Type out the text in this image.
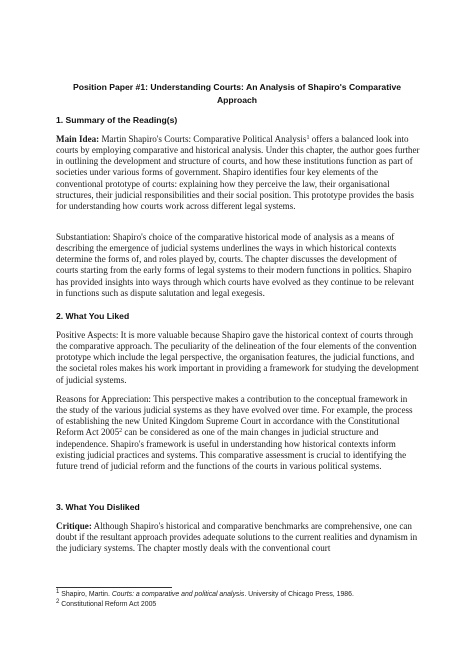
Position Paper #1: Understanding Courts: An Analysis of Shapiro's Comparative Approach
1. Summary of the Reading(s)

Main Idea: Martin Shapiro's Courts: Comparative Political Analysis$^1$ offers a balanced look into courts by employing comparative and historical analysis. Under this chapter, the author goes further in outlining the development and structure of courts, and how these institutions function as part of societies under various forms of government. Shapiro identifies four key elements of the conventional prototype of courts: explaining how they perceive the law, their organisational structures, their judicial responsibilities and their social position. This prototype provides the basis for understanding how courts work across different legal systems.

Substantiation: Shapiro's choice of the comparative historical mode of analysis as a means of describing the emergence of judicial systems underlines the ways in which historical contexts determine the forms of, and roles played by, courts. The chapter discusses the development of courts starting from the early forms of legal systems to their modern functions in politics. Shapiro has provided insights into ways through which courts have evolved as they continue to be relevant in functions such as dispute salutation and legal exegesis.

2. What You Liked

Positive Aspects: It is more valuable because Shapiro gave the historical context of courts through the comparative approach. The peculiarity of the delineation of the four elements of the convention prototype which include the legal perspective, the organisation features, the judicial functions, and the societal roles makes his work important in providing a framework for studying the development of judicial systems.

Reasons for Appreciation: This perspective makes a contribution to the conceptual framework in the study of the various judicial systems as they have evolved over time. For example, the process of establishing the new United Kingdom Supreme Court in accordance with the Constitutional Reform Act 2005$^2$ can be considered as one of the main changes in judicial structure and independence. Shapiro's framework is useful in understanding how historical contexts inform existing judicial practices and systems. This comparative assessment is crucial to identifying the future trend of judicial reform and the functions of the courts in various political systems.

3. What You Disliked

Critique: Although Shapiro's historical and comparative benchmarks are comprehensive, one can doubt if the resultant approach provides adequate solutions to the current realities and dynamism in the judiciary systems. The chapter mostly deals with the conventional court

$^1$ Shapiro, Martin. Courts: a comparative and political analysis. University of Chicago Press, 1986.
$^2$ Constitutional Reform Act 2005
